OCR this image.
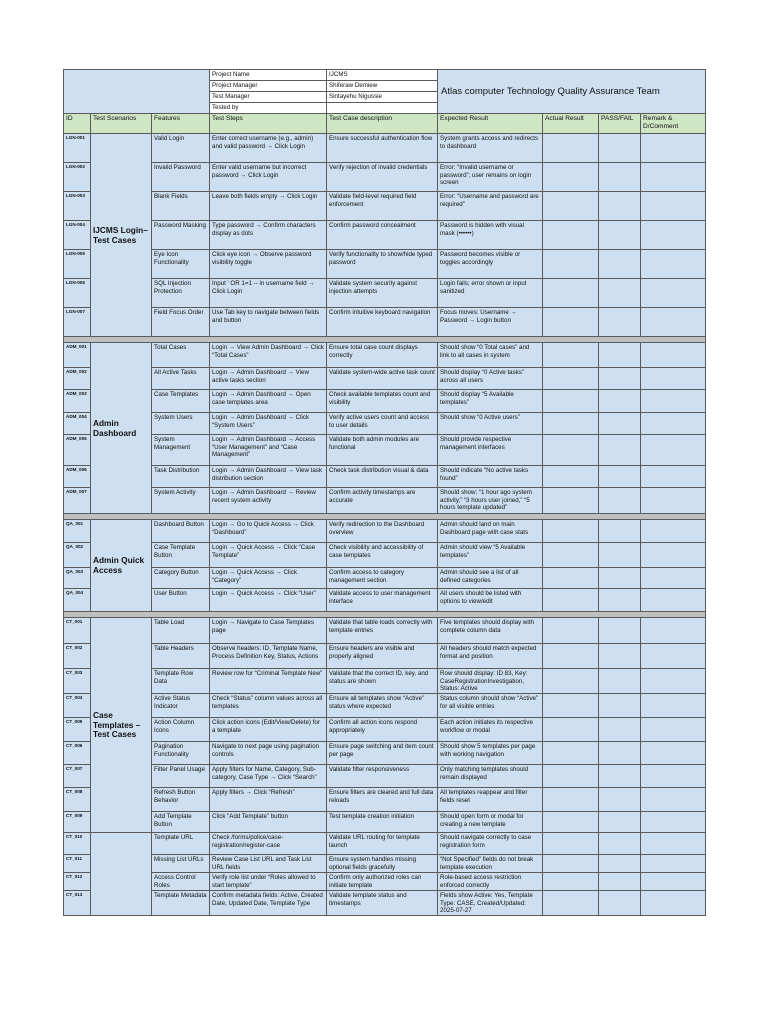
			Project Name	IJCMS	Atlas computer Technology Quality Assurance Team			
			Project Manager	Shiferaw Demiew				
			Test Manager	Sintayehu Nigussie				
			Tested by					
ID	Test Scenarios	Features	Test Steps	Test Case description	Expected Result	Actual Result	PASS/FAIL	Remark & D/Comment
LGN-001	IJCMS Login– Test Cases	Valid Login	Enter correct username (e.g., admin) and valid password → Click Login	Ensure successful authentication flow	System grants access and redirects to dashboard			
LGN-002		Invalid Password	Enter valid username but incorrect password → Click Login	Verify rejection of invalid credentials	Error: “Invalid username or password”; user remains on login screen			
LGN-003		Blank Fields	Leave both fields empty → Click Login	Validate field-level required field enforcement	Error: “Username and password are required”			
LGN-004		Password Masking	Type password → Confirm characters display as dots	Confirm password concealment	Password is hidden with visual mask (••••••)			
LGN-005		Eye Icon Functionality	Click eye icon → Observe password visibility toggle	Verify functionality to show/hide typed password	Password becomes visible or toggles accordingly			
LGN-006		SQL Injection Protection	Input ' OR 1=1 -- in username field → Click Login	Validate system security against injection attempts	Login fails; error shown or input sanitized			
LGN-007		Field Focus Order	Use Tab key to navigate between fields and button	Confirm intuitive keyboard navigation	Focus moves: Username → Password → Login button			

ADM_001	Admin Dashboard	Total Cases	Login → View Admin Dashboard → Click “Total Cases”	Ensure total case count displays correctly	Should show “0 Total cases” and link to all cases in system			
ADM_002		All Active Tasks	Login → Admin Dashboard → View active tasks section	Validate system-wide active task count	Should display “0 Active tasks” across all users			
ADM_003		Case Templates	Login → Admin Dashboard → Open case templates area	Check available templates count and visibility	Should display “5 Available templates”			
ADM_004		System Users	Login → Admin Dashboard → Click “System Users”	Verify active users count and access to user details	Should show “0 Active users”			
ADM_005		System Management	Login → Admin Dashboard → Access “User Management” and “Case Management”	Validate both admin modules are functional	Should provide respective management interfaces			
ADM_006		Task Distribution	Login → Admin Dashboard → View task distribution section	Check task distribution visual & data	Should indicate “No active tasks found”			
ADM_007		System Activity	Login → Admin Dashboard → Review recent system activity	Confirm activity timestamps are accurate	Should show: “1 hour ago system activity,” “3 hours user joined,” “5 hours template updated”			

QA_001	Admin Quick Access	Dashboard Button	Login → Go to Quick Access → Click “Dashboard”	Verify redirection to the Dashboard overview	Admin should land on main Dashboard page with case stats			
QA_002		Case Template Button	Login → Quick Access → Click “Case Template”	Check visibility and accessibility of case templates	Admin should view “5 Available templates”			
QA_003		Category Button	Login → Quick Access → Click “Category”	Confirm access to category management section	Admin should see a list of all defined categories			
QA_004		User Button	Login → Quick Access → Click “User”	Validate access to user management interface	All users should be listed with options to view/edit			

CT_001	Case Templates – Test Cases	Table Load	Login → Navigate to Case Templates page	Validate that table loads correctly with template entries	Five templates should display with complete column data			
CT_002		Table Headers	Observe headers: ID, Template Name, Process Definition Key, Status, Actions	Ensure headers are visible and properly aligned	All headers should match expected format and position			
CT_003		Template Row Data	Review row for “Criminal Template New”	Validate that the correct ID, key, and status are shown	Row should display: ID 83, Key: CaseRegistrationInvestigation, Status: Active			
CT_004		Active Status Indicator	Check “Status” column values across all templates	Ensure all templates show “Active” status where expected	Status column should show “Active” for all visible entries			
CT_005		Action Column Icons	Click action icons (Edit/View/Delete) for a template	Confirm all action icons respond appropriately	Each action initiates its respective workflow or modal			
CT_006		Pagination Functionality	Navigate to next page using pagination controls	Ensure page switching and item count per page	Should show 5 templates per page with working navigation			
CT_007		Filter Panel Usage	Apply filters for Name, Category, Sub-category, Case Type → Click “Search”	Validate filter responsiveness	Only matching templates should remain displayed			
CT_008		Refresh Button Behavior	Apply filters → Click “Refresh”	Ensure filters are cleared and full data reloads	All templates reappear and filter fields reset			
CT_009		Add Template Button	Click “Add Template” button	Test template creation initiation	Should open form or modal for creating a new template			
CT_010		Template URL	Check /forms/police/case-registration/register-case	Validate URL routing for template launch	Should navigate correctly to case registration form			
CT_011		Missing List URLs	Review Case List URL and Task List URL fields	Ensure system handles missing optional fields gracefully	“Not Specified” fields do not break template execution			
CT_012		Access Control Roles	Verify role list under “Roles allowed to start template”	Confirm only authorized roles can initiate template	Role-based access restriction enforced correctly			
CT_013		Template Metadata	Confirm metadata fields: Active, Created Date, Updated Date, Template Type	Validate template status and timestamps	Fields show Active: Yes, Template Type: CASE, Created/Updated: 2025-07-27			
